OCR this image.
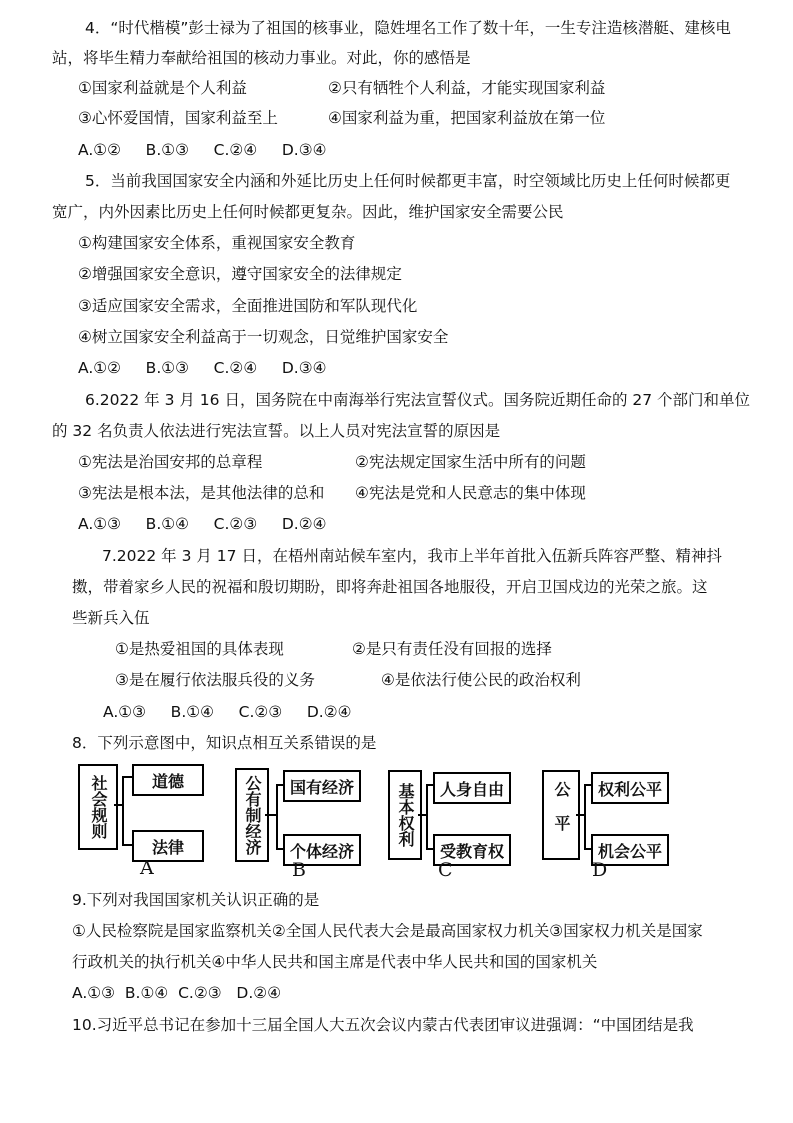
4．“时代楷模”彭士禄为了祖国的核事业，隐姓埋名工作了数十年，一生专注造核潜艇、建核电
站，将毕生精力奉献给祖国的核动力事业。对此，你的感悟是
①国家利益就是个人利益	②只有牺牲个人利益，才能实现国家利益
③心怀爱国情，国家利益至上	④国家利益为重，把国家利益放在第一位
A.①②     B.①③     C.②④     D.③④
5．当前我国国家安全内涵和外延比历史上任何时候都更丰富，时空领域比历史上任何时候都更
宽广，内外因素比历史上任何时候都更复杂。因此，维护国家安全需要公民
①构建国家安全体系，重视国家安全教育
②增强国家安全意识，遵守国家安全的法律规定
③适应国家安全需求，全面推进国防和军队现代化
④树立国家安全利益高于一切观念，日觉维护国家安全
A.①②     B.①③     C.②④     D.③④
6.2022 年 3 月 16 日，国务院在中南海举行宪法宣誓仪式。国务院近期任命的 27 个部门和单位
的 32 名负责人依法进行宪法宣誓。以上人员对宪法宣誓的原因是
①宪法是治国安邦的总章程	②宪法规定国家生活中所有的问题
③宪法是根本法，是其他法律的总和 ④宪法是党和人民意志的集中体现
A.①③     B.①④     C.②③     D.②④
7.2022 年 3 月 17 日，在梧州南站候车室内，我市上半年首批入伍新兵阵容严整、精神抖
擞，带着家乡人民的祝福和殷切期盼，即将奔赴祖国各地服役，开启卫国戍边的光荣之旅。这
些新兵入伍
①是热爱祖国的具体表现	②是只有责任没有回报的选择
③是在履行依法服兵役的义务	④是依法行使公民的政治权利
A.①③     B.①④     C.②③     D.②④
8．下列示意图中，知识点相互关系错误的是
社会规则	道德
法律
A
公有制经济	国有经济
个体经济
B
基本权利	人身自由
受教育权
C
公平	权利公平
机会公平
D
9.下列对我国国家机关认识正确的是
①人民检察院是国家监察机关②全国人民代表大会是最高国家权力机关③国家权力机关是国家
行政机关的执行机关④中华人民共和国主席是代表中华人民共和国的国家机关
A.①③  B.①④  C.②③   D.②④
10.习近平总书记在参加十三届全国人大五次会议内蒙古代表团审议进强调：“中国团结是我
